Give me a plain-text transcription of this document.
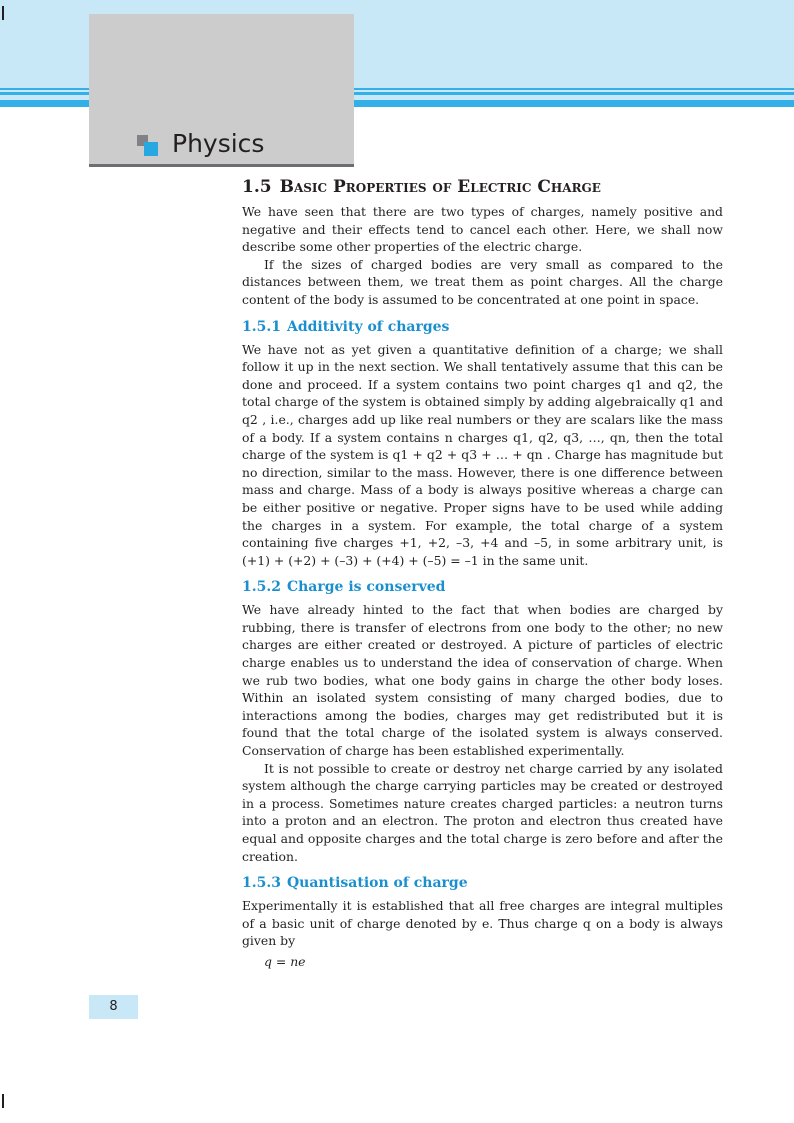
Physics
1.5 Basic Properties of Electric Charge

We have seen that there are two types of charges, namely positive and negative and their effects tend to cancel each other. Here, we shall now describe some other properties of the electric charge.

If the sizes of charged bodies are very small as compared to the distances between them, we treat them as point charges. All the charge content of the body is assumed to be concentrated at one point in space.

1.5.1 Additivity of charges

We have not as yet given a quantitative definition of a charge; we shall follow it up in the next section. We shall tentatively assume that this can be done and proceed. If a system contains two point charges q1 and q2, the total charge of the system is obtained simply by adding algebraically q1 and q2 , i.e., charges add up like real numbers or they are scalars like the mass of a body. If a system contains n charges q1, q2, q3, …, qn, then the total charge of the system is q1 + q2 + q3 + … + qn . Charge has magnitude but no direction, similar to the mass. However, there is one difference between mass and charge. Mass of a body is always positive whereas a charge can be either positive or negative. Proper signs have to be used while adding the charges in a system. For example, the total charge of a system containing five charges +1, +2, –3, +4 and –5, in some arbitrary unit, is (+1) + (+2) + (–3) + (+4) + (–5) = –1 in the same unit.

1.5.2 Charge is conserved

We have already hinted to the fact that when bodies are charged by rubbing, there is transfer of electrons from one body to the other; no new charges are either created or destroyed. A picture of particles of electric charge enables us to understand the idea of conservation of charge. When we rub two bodies, what one body gains in charge the other body loses. Within an isolated system consisting of many charged bodies, due to interactions among the bodies, charges may get redistributed but it is found that the total charge of the isolated system is always conserved. Conservation of charge has been established experimentally.

It is not possible to create or destroy net charge carried by any isolated system although the charge carrying particles may be created or destroyed in a process. Sometimes nature creates charged particles: a neutron turns into a proton and an electron. The proton and electron thus created have equal and opposite charges and the total charge is zero before and after the creation.

1.5.3 Quantisation of charge

Experimentally it is established that all free charges are integral multiples of a basic unit of charge denoted by e. Thus charge q on a body is always given by

q = ne
8
